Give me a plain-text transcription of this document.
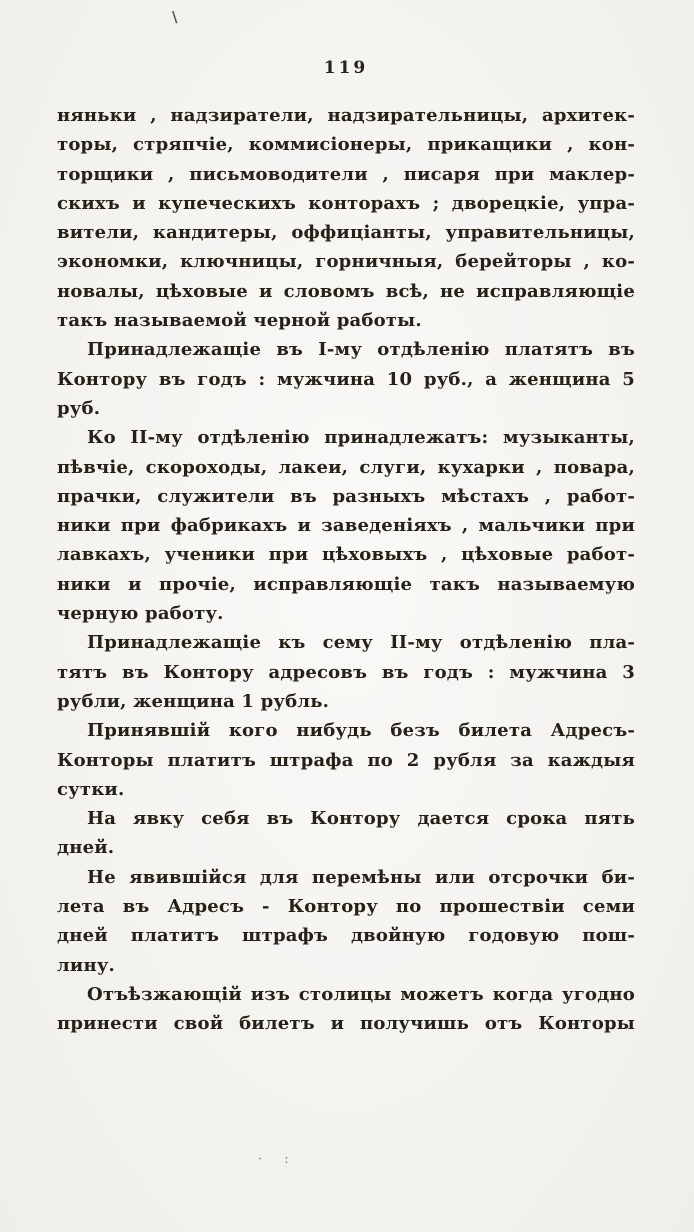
\
119
няньки , надзиратели, надзирательницы, архитек-
торы, стряпчіе, коммисіонеры, прикащики , кон-
торщики , письмоводители , писаря при маклер-
скихъ и купеческихъ конторахъ ; дворецкіе, упра-
вители, кандитеры, оффиціанты, управительницы,
экономки, ключницы, горничныя, берейторы , ко-
новалы, цѣховые и словомъ всѣ, не исправляющіе
такъ называемой черной работы.
Принадлежащіе въ I-му отдѣленію платятъ въ
Контору въ годъ : мужчина 10 руб., а женщина 5
руб.
Ко II-му отдѣленію принадлежатъ: музыканты,
пѣвчіе, скороходы, лакеи, слуги, кухарки , повара,
прачки, служители въ разныхъ мѣстахъ , работ-
ники при фабрикахъ и заведеніяхъ , мальчики при
лавкахъ, ученики при цѣховыхъ , цѣховые работ-
ники и прочіе, исправляющіе такъ называемую
черную работу.
Принадлежащіе къ сему II-му отдѣленію пла-
тятъ въ Контору адресовъ въ годъ : мужчина 3
рубли, женщина 1 рубль.
Принявшій кого нибудь безъ билета Адресъ-
Конторы платитъ штрафа по 2 рубля за каждыя
сутки.
На явку себя въ Контору дается срока пять
дней.
Не явившійся для перемѣны или отсрочки би-
лета въ Адресъ - Контору по прошествіи семи
дней платитъ штрафъ двойную годовую пош-
лину.
Отъѣзжающій изъ столицы можетъ когда угодно
принести свой билетъ и получишь отъ Конторы
· :
